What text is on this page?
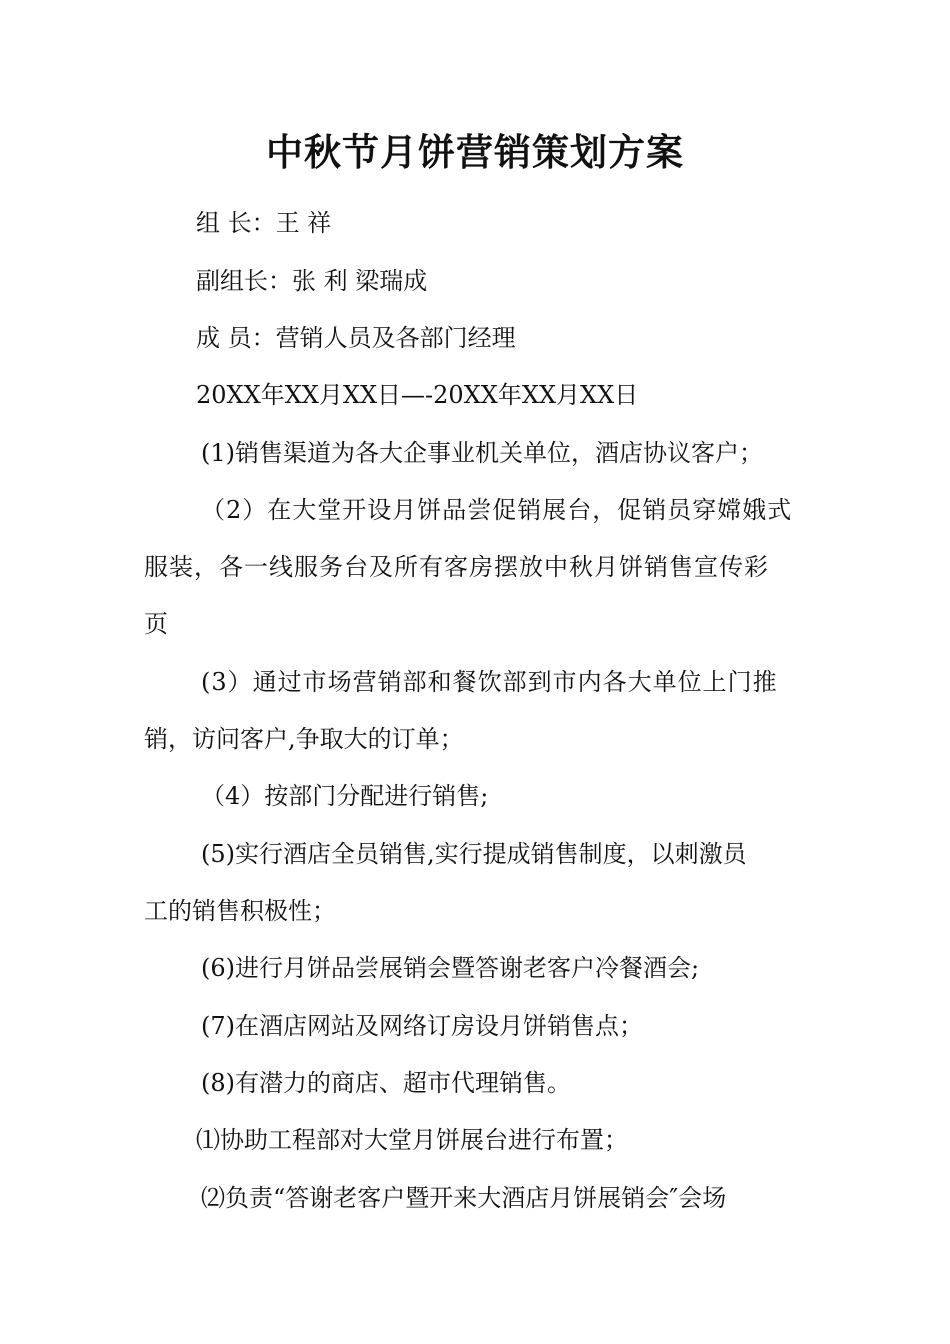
中秋节月饼营销策划方案

组 长：王 祥

副组长：张 利 梁瑞成

成 员：营销人员及各部门经理

20XX年XX月XX日—-20XX年XX月XX日

(1)销售渠道为各大企事业机关单位，酒店协议客户；

（2）在大堂开设月饼品尝促销展台，促销员穿嫦娥式

服装，各一线服务台及所有客房摆放中秋月饼销售宣传彩

页

(3）通过市场营销部和餐饮部到市内各大单位上门推

销，访问客户,争取大的订单；

（4）按部门分配进行销售;

(5)实行酒店全员销售,实行提成销售制度，以刺激员

工的销售积极性；

(6)进行月饼品尝展销会暨答谢老客户冷餐酒会;

(7)在酒店网站及网络订房设月饼销售点；

(8)有潜力的商店、超市代理销售。

⑴协助工程部对大堂月饼展台进行布置；

⑵负责“答谢老客户暨开来大酒店月饼展销会″会场
